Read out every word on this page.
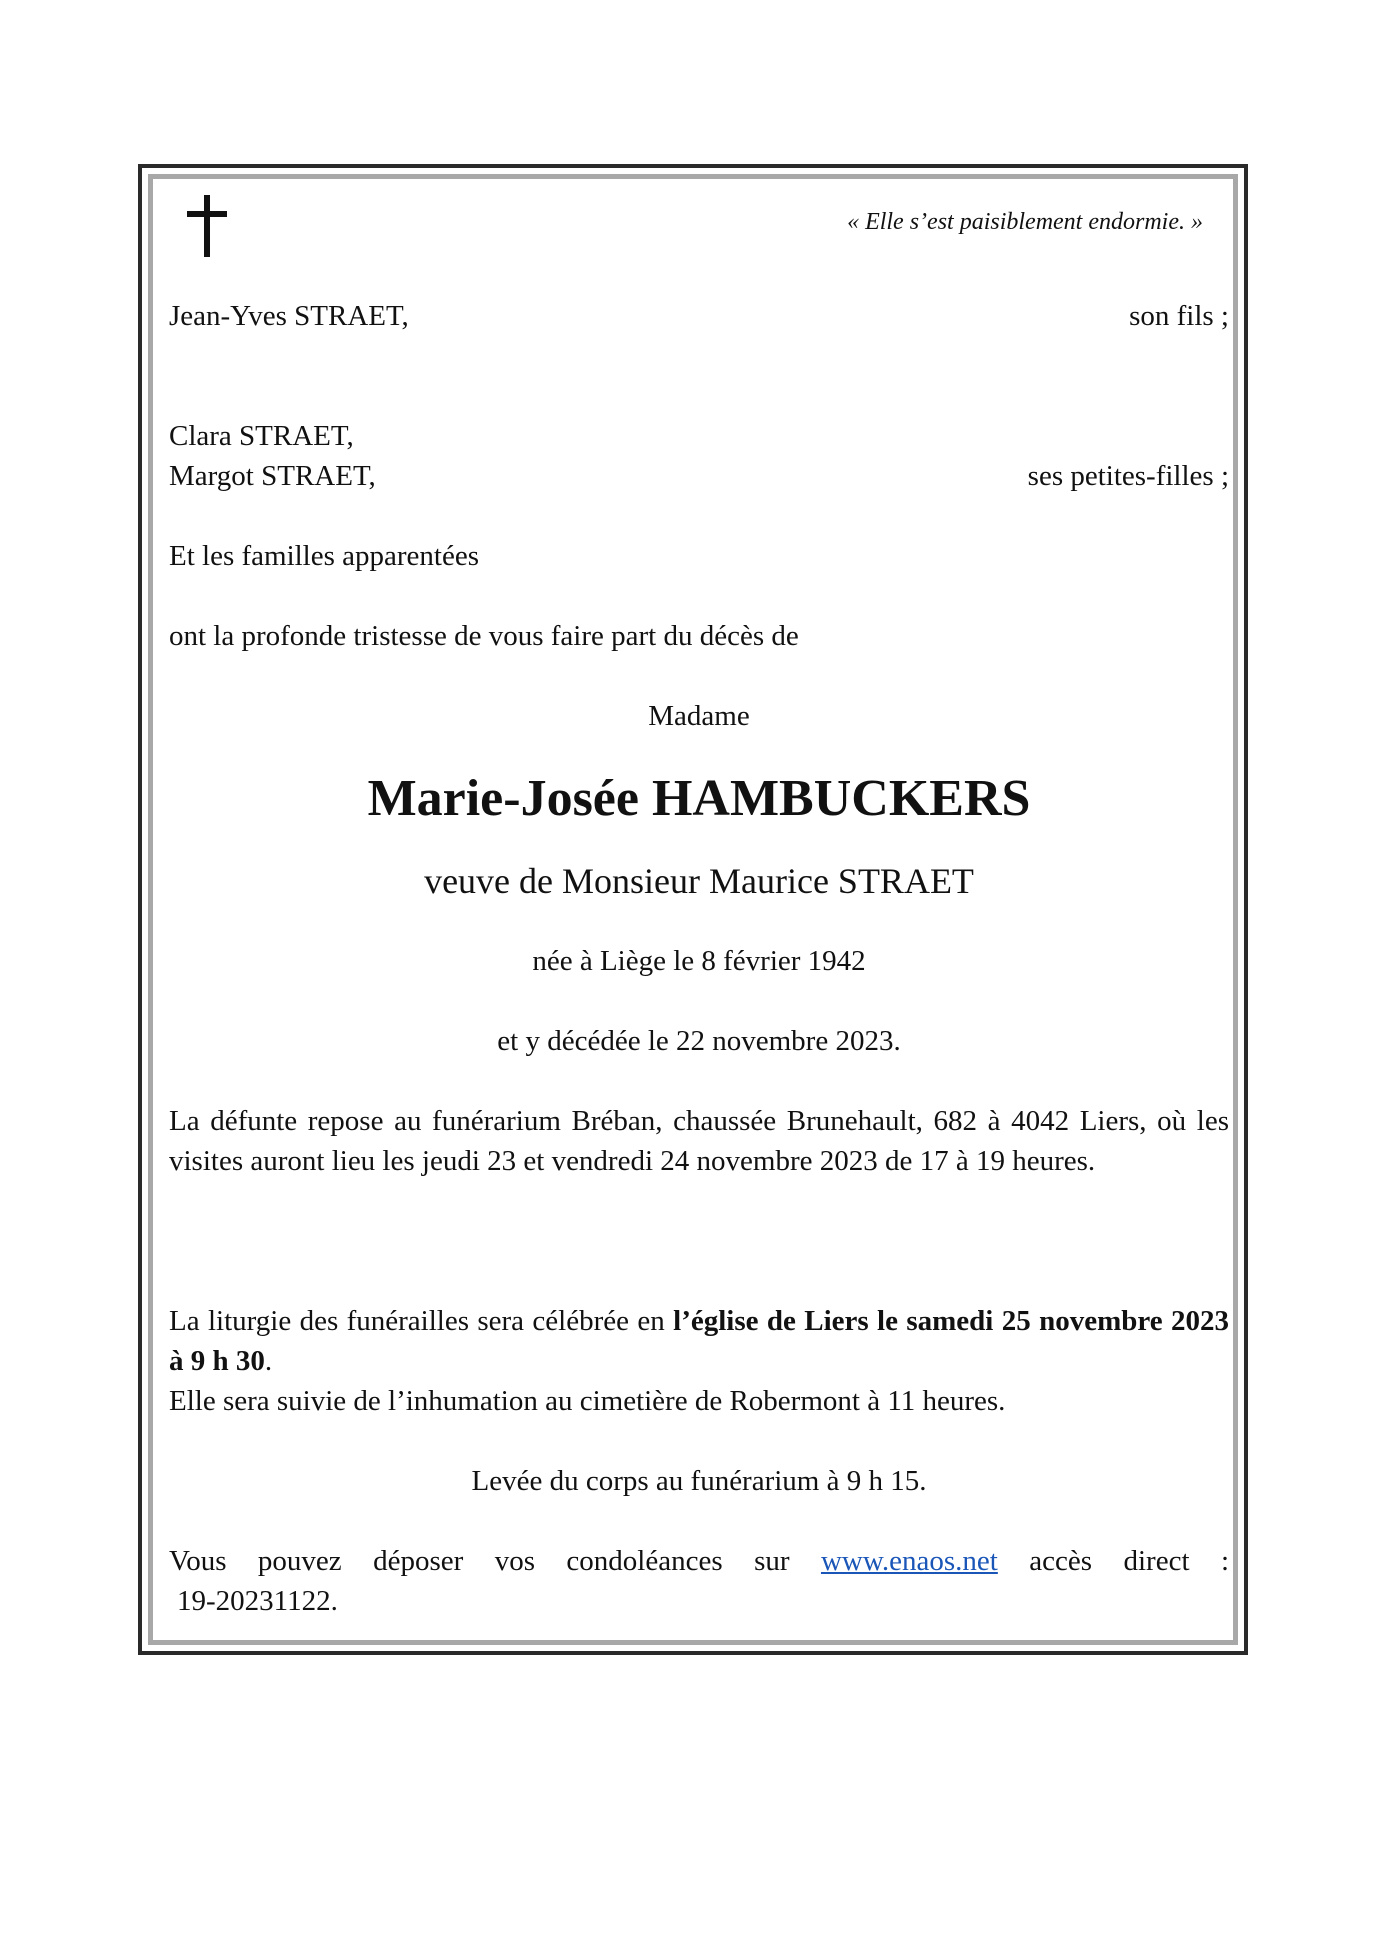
« Elle s’est paisiblement endormie. »
Jean-Yves STRAET,	son fils ;
Clara STRAET,
Margot STRAET,	ses petites-filles ;
Et les familles apparentées
ont la profonde tristesse de vous faire part du décès de
Madame
Marie-Josée HAMBUCKERS
veuve de Monsieur Maurice STRAET
née à Liège le 8 février 1942
et y décédée le 22 novembre 2023.
La défunte repose au funérarium Bréban, chaussée Brunehault, 682 à 4042 Liers, où les visites auront lieu les jeudi 23 et vendredi 24 novembre 2023 de 17 à 19 heures.
La liturgie des funérailles sera célébrée en l’église de Liers le samedi 25 novembre 2023 à 9 h 30.
Elle sera suivie de l’inhumation au cimetière de Robermont à 11 heures.
Levée du corps au funérarium à 9 h 15.
Vous pouvez déposer vos condoléances sur www.enaos.net accès direct :
19-20231122.
